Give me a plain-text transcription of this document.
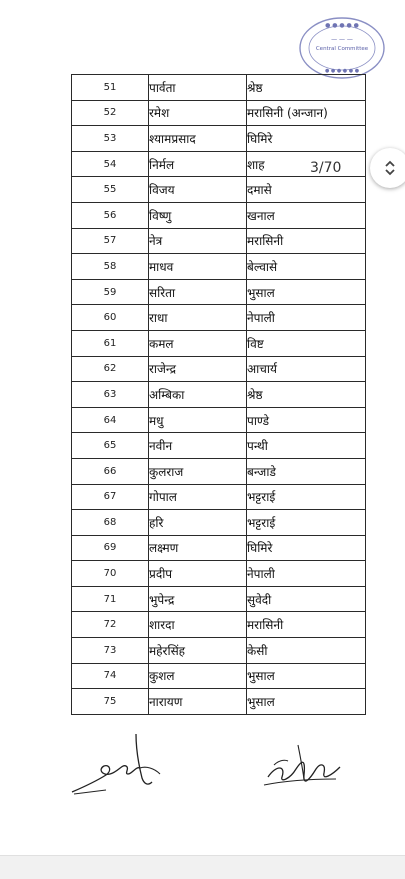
● ● ● ● ●
— — —
Central Committee
● ● ● ● ● ●
51	पार्वता	श्रेष्ठ
52	रमेश	मरासिनी (अन्जान)
53	श्यामप्रसाद	घिमिरे
54	निर्मल	शाह
55	विजय	दमासे
56	विष्णु	खनाल
57	नेत्र	मरासिनी
58	माधव	बेल्वासे
59	सरिता	भुसाल
60	राधा	नेपाली
61	कमल	विष्ट
62	राजेन्द्र	आचार्य
63	अम्बिका	श्रेष्ठ
64	मधु	पाण्डे
65	नवीन	पन्थी
66	कुलराज	बन्जाडे
67	गोपाल	भट्टराई
68	हरि	भट्टराई
69	लक्ष्मण	घिमिरे
70	प्रदीप	नेपाली
71	भुपेन्द्र	सुवेदी
72	शारदा	मरासिनी
73	महेरसिंह	केसी
74	कुशल	भुसाल
75	नारायण	भुसाल
3/70
